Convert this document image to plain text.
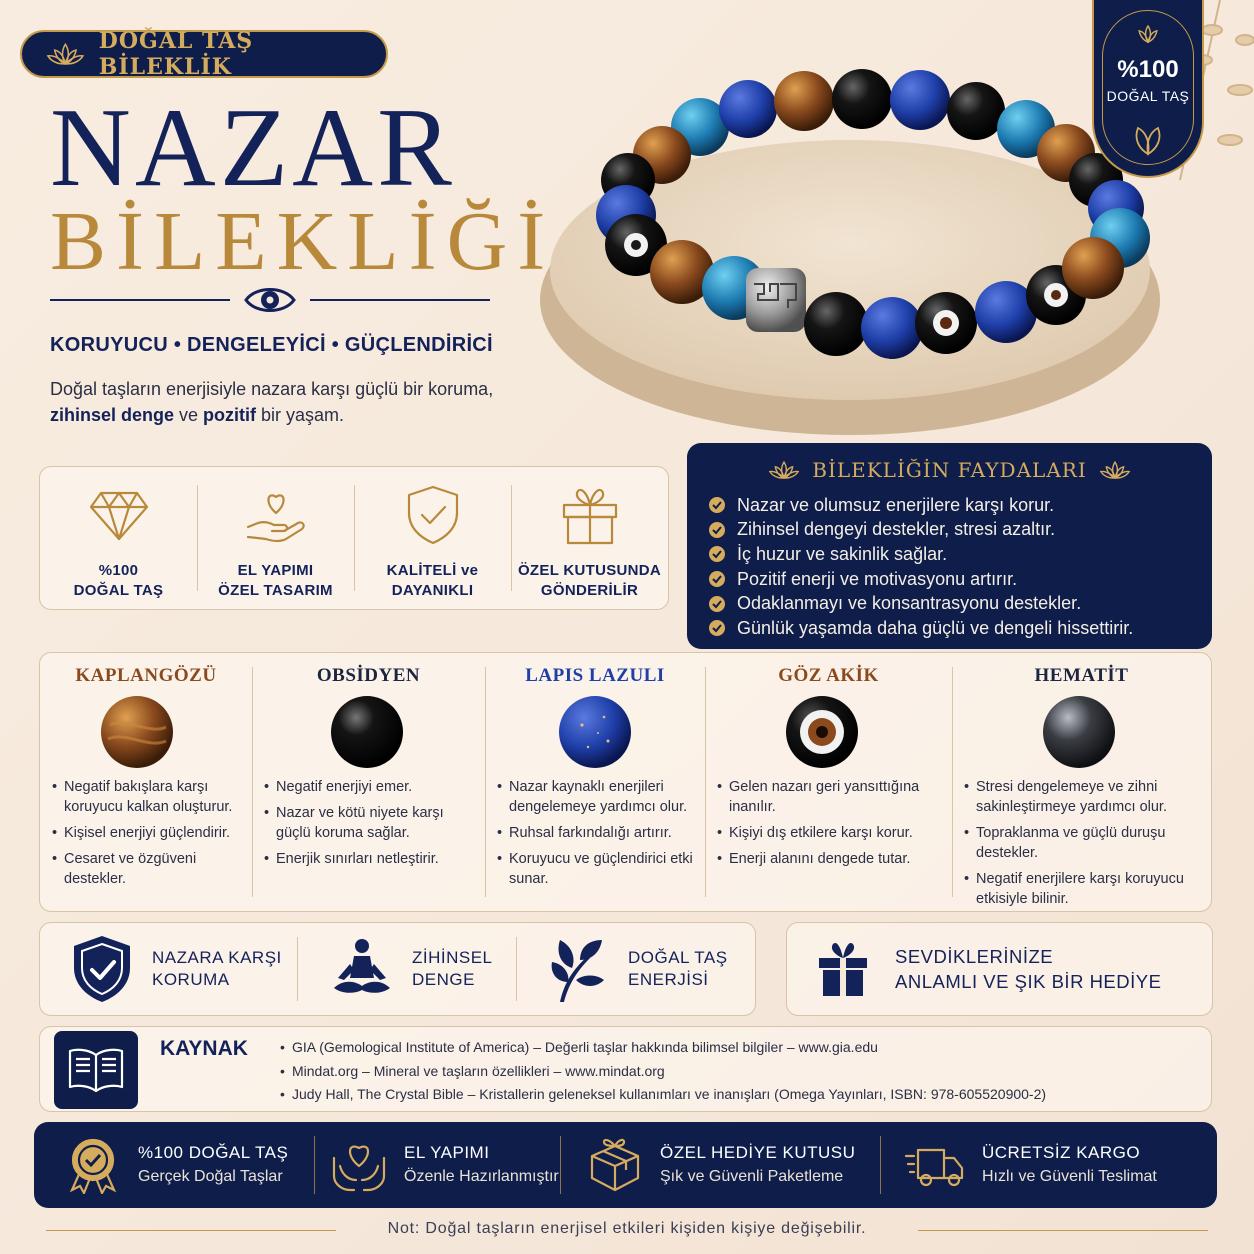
DOĞAL TAŞ BİLEKLİK
NAZAR
BİLEKLİĞİ
KORUYUCU • DENGELEYİCİ • GÜÇLENDİRİCİ
Doğal taşların enerjisiyle nazara karşı güçlü bir koruma,
zihinsel denge ve pozitif bir yaşam.
%100
DOĞAL TAŞ
%100
DOĞAL TAŞ
EL YAPIMI
ÖZEL TASARIM
KALİTELİ ve
DAYANIKLI
ÖZEL KUTUSUNDA
GÖNDERİLİR
BİLEKLİĞİN FAYDALARI
Nazar ve olumsuz enerjilere karşı korur.
Zihinsel dengeyi destekler, stresi azaltır.
İç huzur ve sakinlik sağlar.
Pozitif enerji ve motivasyonu artırır.
Odaklanmayı ve konsantrasyonu destekler.
Günlük yaşamda daha güçlü ve dengeli hissettirir.
KAPLANGÖZÜ
• Negatif bakışlara karşı koruyucu kalkan oluşturur.
• Kişisel enerjiyi güçlendirir.
• Cesaret ve özgüveni destekler.
OBSİDYEN
• Negatif enerjiyi emer.
• Nazar ve kötü niyete karşı güçlü koruma sağlar.
• Enerjik sınırları netleştirir.
LAPIS LAZULI
• Nazar kaynaklı enerjileri dengelemeye yardımcı olur.
• Ruhsal farkındalığı artırır.
• Koruyucu ve güçlendirici etki sunar.
GÖZ AKİK
• Gelen nazarı geri yansıttığına inanılır.
• Kişiyi dış etkilere karşı korur.
• Enerji alanını dengede tutar.
HEMATİT
• Stresi dengelemeye ve zihni sakinleştirmeye yardımcı olur.
• Topraklanma ve güçlü duruşu destekler.
• Negatif enerjilere karşı koruyucu etkisiyle bilinir.
NAZARA KARŞI
KORUMA
ZİHİNSEL
DENGE
DOĞAL TAŞ
ENERJİSİ
SEVDİKLERİNİZE
ANLAMLI VE ŞIK BİR HEDİYE
KAYNAK
•	GIA (Gemological Institute of America) – Değerli taşlar hakkında bilimsel bilgiler – www.gia.edu
• Mindat.org – Mineral ve taşların özellikleri – www.mindat.org
• Judy Hall, The Crystal Bible – Kristallerin geleneksel kullanımları ve inanışları (Omega Yayınları, ISBN: 978-605520900-2)
%100 DOĞAL TAŞ
Gerçek Doğal Taşlar
EL YAPIMI
Özenle Hazırlanmıştır
ÖZEL HEDİYE KUTUSU
Şık ve Güvenli Paketleme
ÜCRETSİZ KARGO
Hızlı ve Güvenli Teslimat
Not: Doğal taşların enerjisel etkileri kişiden kişiye değişebilir.
